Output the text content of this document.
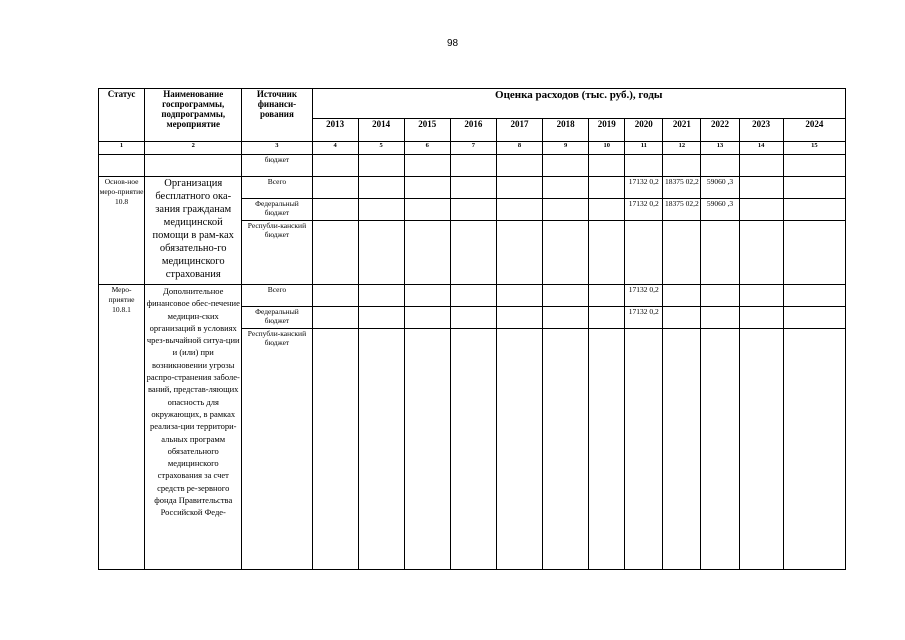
98
Статус	Наименование госпрограммы, подпрограммы, мероприятие	Источник финанси-рования	Оценка расходов (тыс. руб.), годы											
			2013	2014	2015	2016	2017	2018	2019	2020	2021	2022	2023	2024
1	2	3	4	5	6	7	8	9	10	11	12	13	14	15
		бюджет												
Основ-ное меро-приятие 10.8	Организация бесплатного ока-зания гражданам медицинской помощи в рам-ках обязательно-го медицинского страхования	Всего								17132 0,2	18375 02,2	59060 ,3		
		Федеральный бюджет								17132 0,2	18375 02,2	59060 ,3		
		Республи-канский бюджет												
Меро-приятие 10.8.1	Дополнительное финансовое обес-печение медицин-ских организаций в условиях чрез-вычайной ситуа-ции и (или) при возникновении угрозы распро-странения заболе-ваний, представ-ляющих опасность для окружающих, в рамках реализа-ции территори-альных программ обязательного медицинского страхования за счет средств ре-зервного фонда Правительства Российской Феде-	Всего								17132 0,2				
		Федеральный бюджет								17132 0,2				
		Республи-канский бюджет												
